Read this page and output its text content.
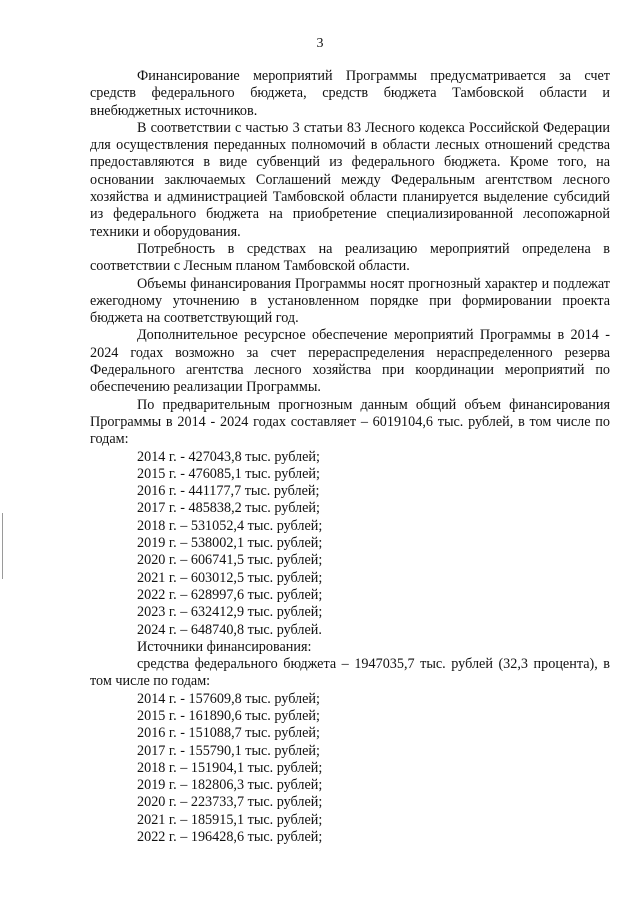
3

Финансирование мероприятий Программы предусматривается за счет средств федерального бюджета, средств бюджета Тамбовской области и внебюджетных источников.

В соответствии с частью 3 статьи 83 Лесного кодекса Российской Федерации для осуществления переданных полномочий в области лесных отношений средства предоставляются в виде субвенций из федерального бюджета. Кроме того, на основании заключаемых Соглашений между Федеральным агентством лесного хозяйства и администрацией Тамбовской области планируется выделение субсидий из федерального бюджета на приобретение специализированной лесопожарной техники и оборудования.

Потребность в средствах на реализацию мероприятий определена в соответствии с Лесным планом Тамбовской области.

Объемы финансирования Программы носят прогнозный характер и подлежат ежегодному уточнению в установленном порядке при формировании проекта бюджета на соответствующий год.

Дополнительное ресурсное обеспечение мероприятий Программы в 2014 - 2024 годах возможно за счет перераспределения нераспределенного резерва Федерального агентства лесного хозяйства при координации мероприятий по обеспечению реализации Программы.

По предварительным прогнозным данным общий объем финансирования Программы в 2014 - 2024 годах составляет – 6019104,6 тыс. рублей, в том числе по годам:

2014 г. - 427043,8 тыс. рублей;

2015 г. - 476085,1 тыс. рублей;

2016 г. - 441177,7 тыс. рублей;

2017 г. - 485838,2 тыс. рублей;

2018 г. – 531052,4 тыс. рублей;

2019 г. – 538002,1 тыс. рублей;

2020 г. – 606741,5 тыс. рублей;

2021 г. – 603012,5 тыс. рублей;

2022 г. – 628997,6 тыс. рублей;

2023 г. – 632412,9 тыс. рублей;

2024 г. – 648740,8 тыс. рублей.

Источники финансирования:

средства федерального бюджета – 1947035,7 тыс. рублей (32,3 процента), в том числе по годам:

2014 г. - 157609,8 тыс. рублей;

2015 г. - 161890,6 тыс. рублей;

2016 г. - 151088,7 тыс. рублей;

2017 г. - 155790,1 тыс. рублей;

2018 г. – 151904,1 тыс. рублей;

2019 г. – 182806,3 тыс. рублей;

2020 г. – 223733,7 тыс. рублей;

2021 г. – 185915,1 тыс. рублей;

2022 г. – 196428,6 тыс. рублей;
